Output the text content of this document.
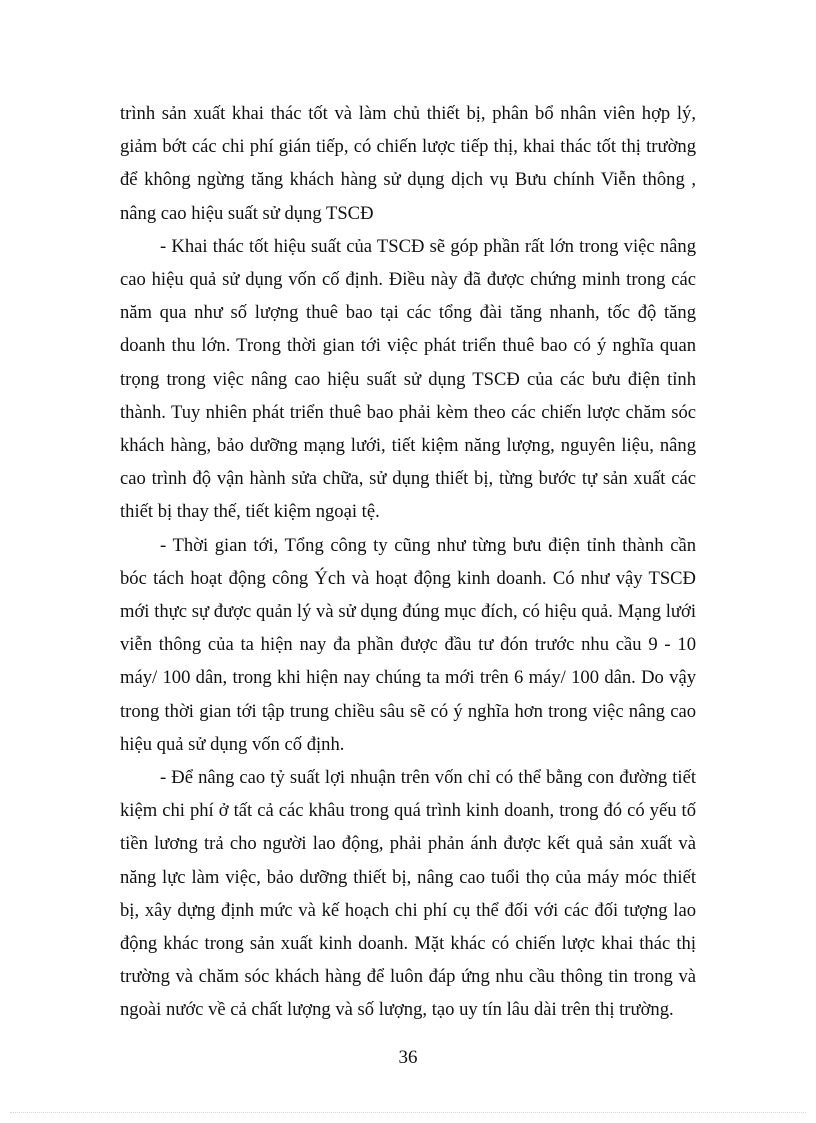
trình sản xuất khai thác tốt và làm chủ thiết bị, phân bổ nhân viên hợp lý, giảm bớt các chi phí gián tiếp, có chiến lược tiếp thị, khai thác tốt thị trường để không ngừng tăng khách hàng sử dụng dịch vụ Bưu chính Viễn thông , nâng cao hiệu suất sử dụng TSCĐ

- Khai thác tốt hiệu suất của TSCĐ sẽ góp phần rất lớn trong việc nâng cao hiệu quả sử dụng vốn cố định. Điều này đã được chứng minh trong các năm qua như số lượng thuê bao tại các tổng đài tăng nhanh, tốc độ tăng doanh thu lớn. Trong thời gian tới việc phát triển thuê bao có ý nghĩa quan trọng trong việc nâng cao hiệu suất sử dụng TSCĐ của các bưu điện tỉnh thành. Tuy nhiên phát triển thuê bao phải kèm theo các chiến lược chăm sóc khách hàng, bảo dưỡng mạng lưới, tiết kiệm năng lượng, nguyên liệu, nâng cao trình độ vận hành sửa chữa, sử dụng thiết bị, từng bước tự sản xuất các thiết bị thay thế, tiết kiệm ngoại tệ.

- Thời gian tới, Tổng công ty cũng như từng bưu điện tỉnh thành cần bóc tách hoạt động công Ých và hoạt động kinh doanh. Có như vậy TSCĐ mới thực sự được quản lý và sử dụng đúng mục đích, có hiệu quả. Mạng lưới viễn thông của ta hiện nay đa phần được đầu tư đón trước nhu cầu 9 - 10 máy/ 100 dân, trong khi hiện nay chúng ta mới trên 6 máy/ 100 dân. Do vậy trong thời gian tới tập trung chiều sâu sẽ có ý nghĩa hơn trong việc nâng cao hiệu quả sử dụng vốn cố định.

- Để nâng cao tỷ suất lợi nhuận trên vốn chỉ có thể bằng con đường tiết kiệm chi phí ở tất cả các khâu trong quá trình kinh doanh, trong đó có yếu tố tiền lương trả cho người lao động, phải phản ánh được kết quả sản xuất và năng lực làm việc, bảo dưỡng thiết bị, nâng cao tuổi thọ của máy móc thiết bị, xây dựng định mức và kế hoạch chi phí cụ thể đối với các đối tượng lao động khác trong sản xuất kinh doanh. Mặt khác có chiến lược khai thác thị trường và chăm sóc khách hàng để luôn đáp ứng nhu cầu thông tin trong và ngoài nước về cả chất lượng và số lượng, tạo uy tín lâu dài trên thị trường.

36
